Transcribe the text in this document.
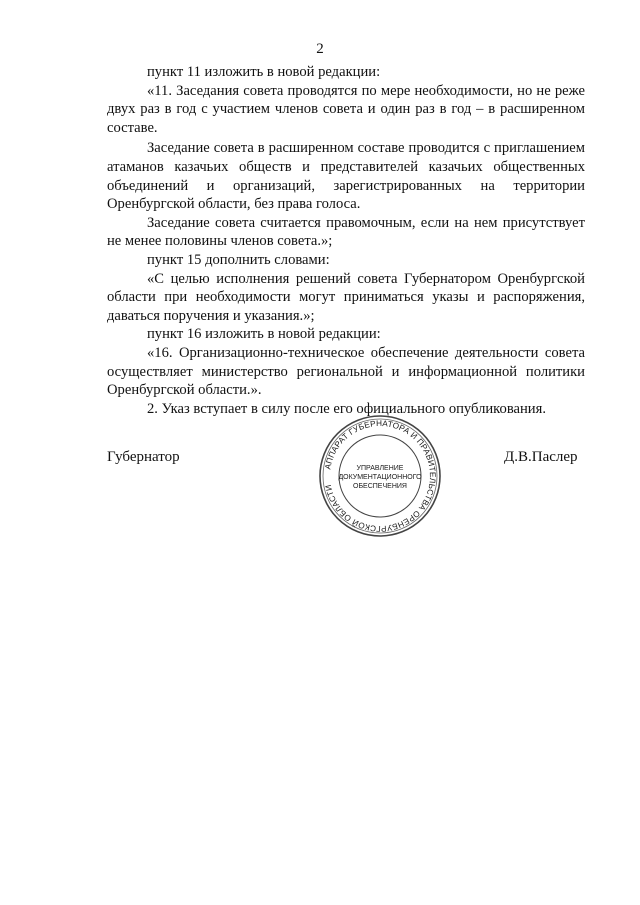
2

пункт 11 изложить в новой редакции:

«11. Заседания совета проводятся по мере необходимости, но не реже двух раз в год с участием членов совета и один раз в год – в расширенном составе.

Заседание совета в расширенном составе проводится с приглашением атаманов казачьих обществ и представителей казачьих общественных объединений и организаций, зарегистрированных на территории Оренбургской области, без права голоса.

Заседание совета считается правомочным, если на нем присутствует не менее половины членов совета.»;

пункт 15 дополнить словами:

«С целью исполнения решений совета Губернатором Оренбургской области при необходимости могут приниматься указы и распоряжения, даваться поручения и указания.»;

пункт 16 изложить в новой редакции:

«16. Организационно-техническое обеспечение деятельности совета осуществляет министерство региональной и информационной политики Оренбургской области.».

2. Указ вступает в силу после его официального опубликования.

Губернатор
АППАРАТ ГУБЕРНАТОРА И ПРАВИТЕЛЬСТВА ОРЕНБУРГСКОЙ ОБЛАСТИ
УПРАВЛЕНИЕ
ДОКУМЕНТАЦИОННОГО
ОБЕСПЕЧЕНИЯ
Д.В.Паслер
